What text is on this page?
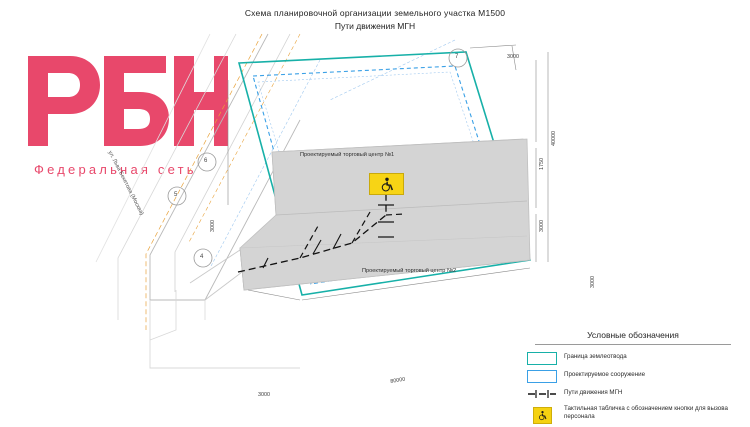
Схема планировочной организации земельного участка М1500
Пути движения МГН
Федеральная сеть
7
6
5
4
ул. Льва Бекетова (Москва)	Проектируемый торговый центр №1
Проектируемый торговый центр №2
3000
40000
1750
3000
3000
3000
3000
80000
Условные обозначения
Граница землеотвода
Проектируемое сооружение
Пути движения МГН
Тактильная табличка с обозначением кнопки для вызова персонала
